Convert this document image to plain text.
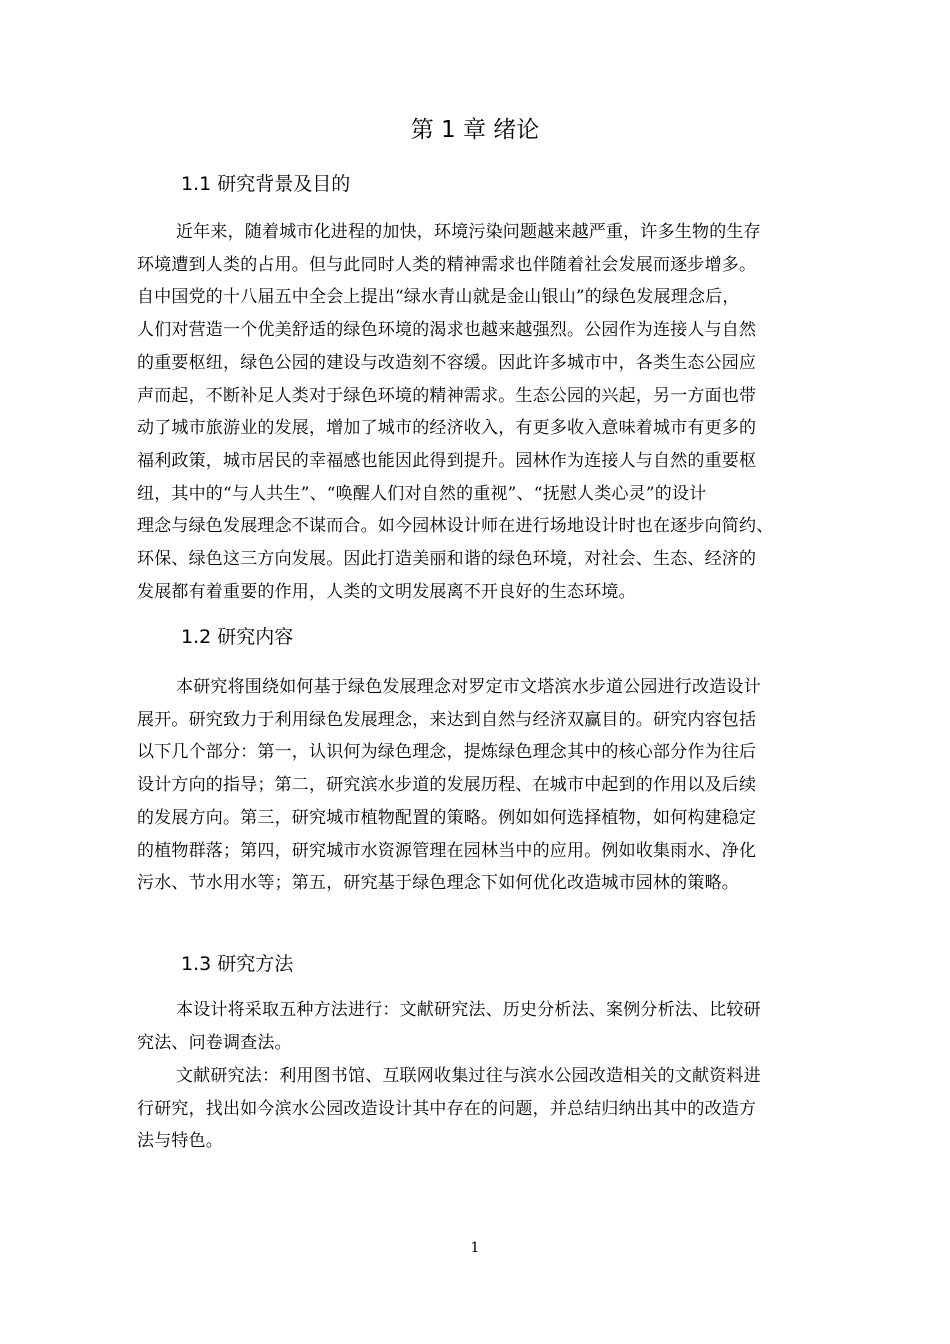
第 1 章 绪论
1.1 研究背景及目的
近年来，随着城市化进程的加快，环境污染问题越来越严重，许多生物的生存
环境遭到人类的占用。但与此同时人类的精神需求也伴随着社会发展而逐步增多。
自中国党的十八届五中全会上提出“绿水青山就是金山银山”的绿色发展理念后，
人们对营造一个优美舒适的绿色环境的渴求也越来越强烈。公园作为连接人与自然
的重要枢纽，绿色公园的建设与改造刻不容缓。因此许多城市中，各类生态公园应
声而起，不断补足人类对于绿色环境的精神需求。生态公园的兴起，另一方面也带
动了城市旅游业的发展，增加了城市的经济收入，有更多收入意味着城市有更多的
福利政策，城市居民的幸福感也能因此得到提升。园林作为连接人与自然的重要枢
纽，其中的“与人共生”、“唤醒人们对自然的重视”、“抚慰人类心灵”的设计
理念与绿色发展理念不谋而合。如今园林设计师在进行场地设计时也在逐步向简约、
环保、绿色这三方向发展。因此打造美丽和谐的绿色环境，对社会、生态、经济的
发展都有着重要的作用，人类的文明发展离不开良好的生态环境。
1.2 研究内容
本研究将围绕如何基于绿色发展理念对罗定市文塔滨水步道公园进行改造设计
展开。研究致力于利用绿色发展理念，来达到自然与经济双赢目的。研究内容包括
以下几个部分：第一，认识何为绿色理念，提炼绿色理念其中的核心部分作为往后
设计方向的指导；第二，研究滨水步道的发展历程、在城市中起到的作用以及后续
的发展方向。第三，研究城市植物配置的策略。例如如何选择植物，如何构建稳定
的植物群落；第四，研究城市水资源管理在园林当中的应用。例如收集雨水、净化
污水、节水用水等；第五，研究基于绿色理念下如何优化改造城市园林的策略。
1.3 研究方法
本设计将采取五种方法进行：文献研究法、历史分析法、案例分析法、比较研
究法、问卷调查法。
文献研究法：利用图书馆、互联网收集过往与滨水公园改造相关的文献资料进
行研究，找出如今滨水公园改造设计其中存在的问题，并总结归纳出其中的改造方
法与特色。
1
